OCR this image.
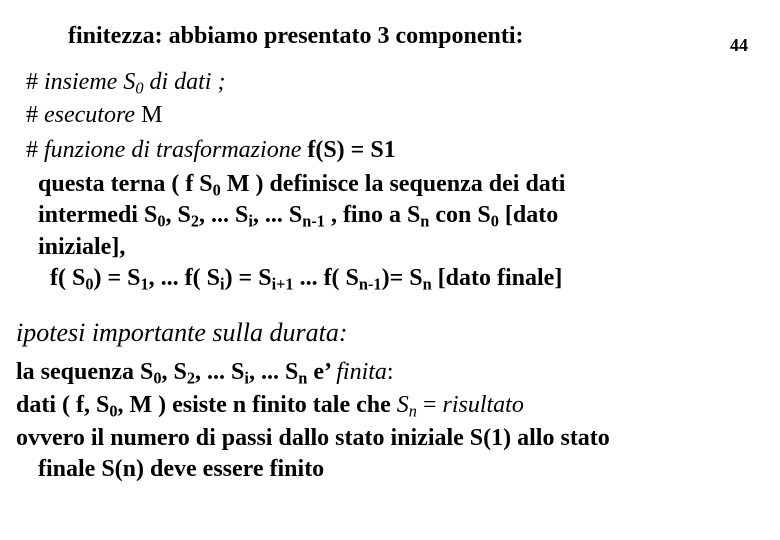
44
finitezza: abbiamo presentato 3 componenti:
# insieme $S_0$ di dati ;
# esecutore M
# funzione di trasformazione f(S) = S1
questa terna ( f $S_0$ M ) definisce la sequenza dei dati
intermedi $S_0$, $S_2$, ... $S_i$, ... $S_{n-1}$ , fino a $S_n$ con $S_0$ [dato
iniziale],
f( $S_0) = S_1$, ... f( $S_i) = S_{i+1}$ ... f( $S_{n-1})= S_n$ [dato finale]
ipotesi importante sulla durata:
la sequenza $S_0$, $S_2$, ... $S_i$, ... $S_n$ e’ finita:
dati ( f, $S_0$, M ) esiste n finito tale che $S_n$ = risultato
ovvero il numero di passi dallo stato iniziale S(1) allo stato
finale S(n) deve essere finito
